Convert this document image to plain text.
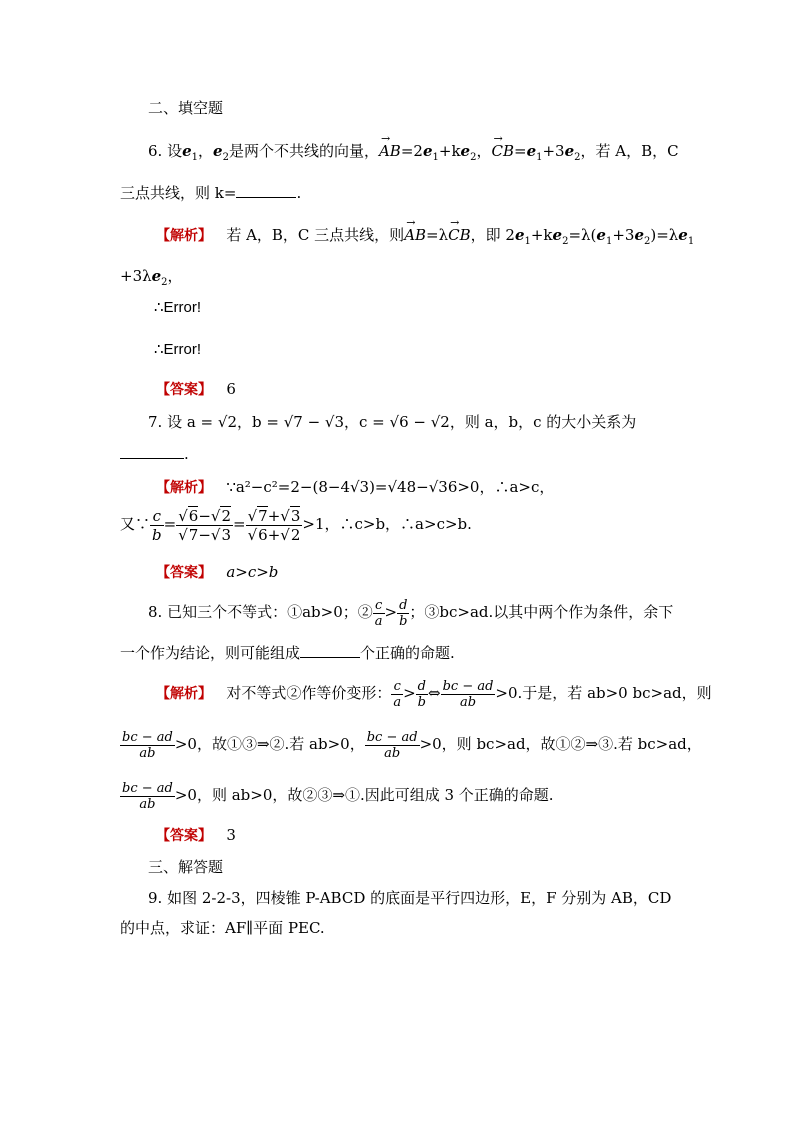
二、填空题
6. 设$e_1$，$e_2$是两个不共线的向量，→ $AB=2e_1+ke_2$，→ $CB=e_1+3e_2$，若 A，B，C
三点共线，则 k=	.
【解析】 若 A，B，C 三点共线，则→ AB=λ→ CB，即 $2e_1+ke_2=\lambda(e_1+3e_2)=\lambda e_1$
$+3\lambda e_2$，
∴Error!
∴Error!
【答案】 6
7. 设 a = √2，b = √7 − √3，c = √6 − √2，则 a，b，c 的大小关系为
.
【解析】 ∵a²−c²=2−(8−4√3)=√48−√36>0，∴a>c，
又∵ $\frac{c}{b} = \frac{√6-√2}{√7-√3} = \frac{√7+√3}{√6+√2} >1$，∴c>b，∴a>c>b.
【答案】 a>c>b
8. 已知三个不等式：①ab>0；② $\frac{c}{a} > \frac{d}{b}$ ；③bc>ad.以其中两个作为条件，余下
一个作为结论，则可能组成	个正确的命题.
【解析】 对不等式②作等价变形： $\frac{c}{a} > \frac{d}{b}$ ⇔ $\frac{bc - ad}{ab} >0$.于是，若 ab>0 bc>ad，则
$\frac{bc - ad}{ab} >0$，故①③⇒②.若 ab>0， $\frac{bc - ad}{ab} >0$，则 bc>ad，故①②⇒③.若 bc>ad，
$\frac{bc - ad}{ab} >0$，则 ab>0，故②③⇒①.因此可组成 3 个正确的命题.
【答案】 3
三、解答题
9. 如图 2-2-3，四棱锥 P-ABCD 的底面是平行四边形，E，F 分别为 AB，CD
的中点，求证：AF∥平面 PEC.
